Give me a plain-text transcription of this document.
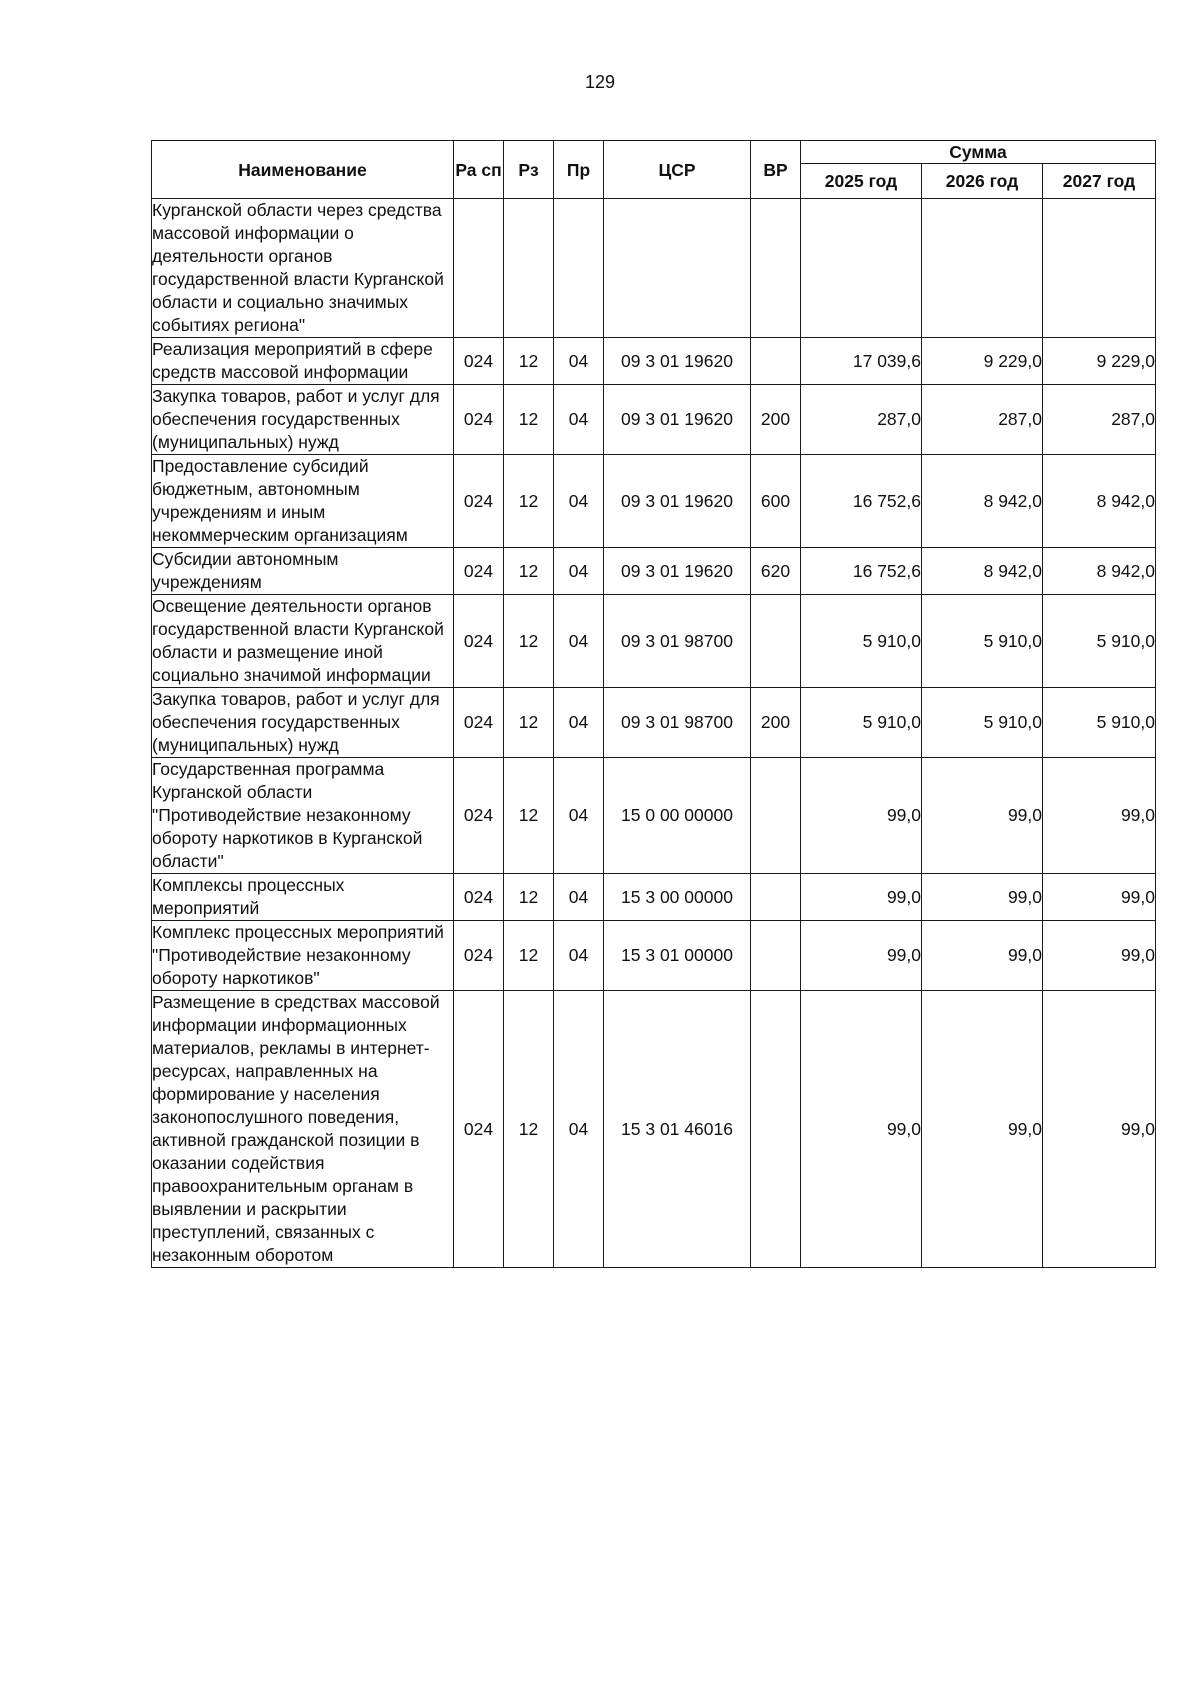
129
Наименование	Ра сп	Рз	Пр	ЦСР	ВР	Сумма		
						2025 год	2026 год	2027 год
Курганской области через средства массовой информации о деятельности органов государственной власти Курганской области и социально значимых событиях региона"								
Реализация мероприятий в сфере средств массовой информации	024	12	04	09 3 01 19620		17 039,6	9 229,0	9 229,0
Закупка товаров, работ и услуг для обеспечения государственных (муниципальных) нужд	024	12	04	09 3 01 19620	200	287,0	287,0	287,0
Предоставление субсидий бюджетным, автономным учреждениям и иным некоммерческим организациям	024	12	04	09 3 01 19620	600	16 752,6	8 942,0	8 942,0
Субсидии автономным учреждениям	024	12	04	09 3 01 19620	620	16 752,6	8 942,0	8 942,0
Освещение деятельности органов государственной власти Курганской области и размещение иной социально значимой информации	024	12	04	09 3 01 98700		5 910,0	5 910,0	5 910,0
Закупка товаров, работ и услуг для обеспечения государственных (муниципальных) нужд	024	12	04	09 3 01 98700	200	5 910,0	5 910,0	5 910,0
Государственная программа Курганской области "Противодействие незаконному обороту наркотиков в Курганской области"	024	12	04	15 0 00 00000		99,0	99,0	99,0
Комплексы процессных мероприятий	024	12	04	15 3 00 00000		99,0	99,0	99,0
Комплекс процессных мероприятий "Противодействие незаконному обороту наркотиков"	024	12	04	15 3 01 00000		99,0	99,0	99,0
Размещение в средствах массовой информации информационных материалов, рекламы в интернет-ресурсах, направленных на формирование у населения законопослушного поведения, активной гражданской позиции в оказании содействия правоохранительным органам в выявлении и раскрытии преступлений, связанных с незаконным оборотом	024	12	04	15 3 01 46016		99,0	99,0	99,0
